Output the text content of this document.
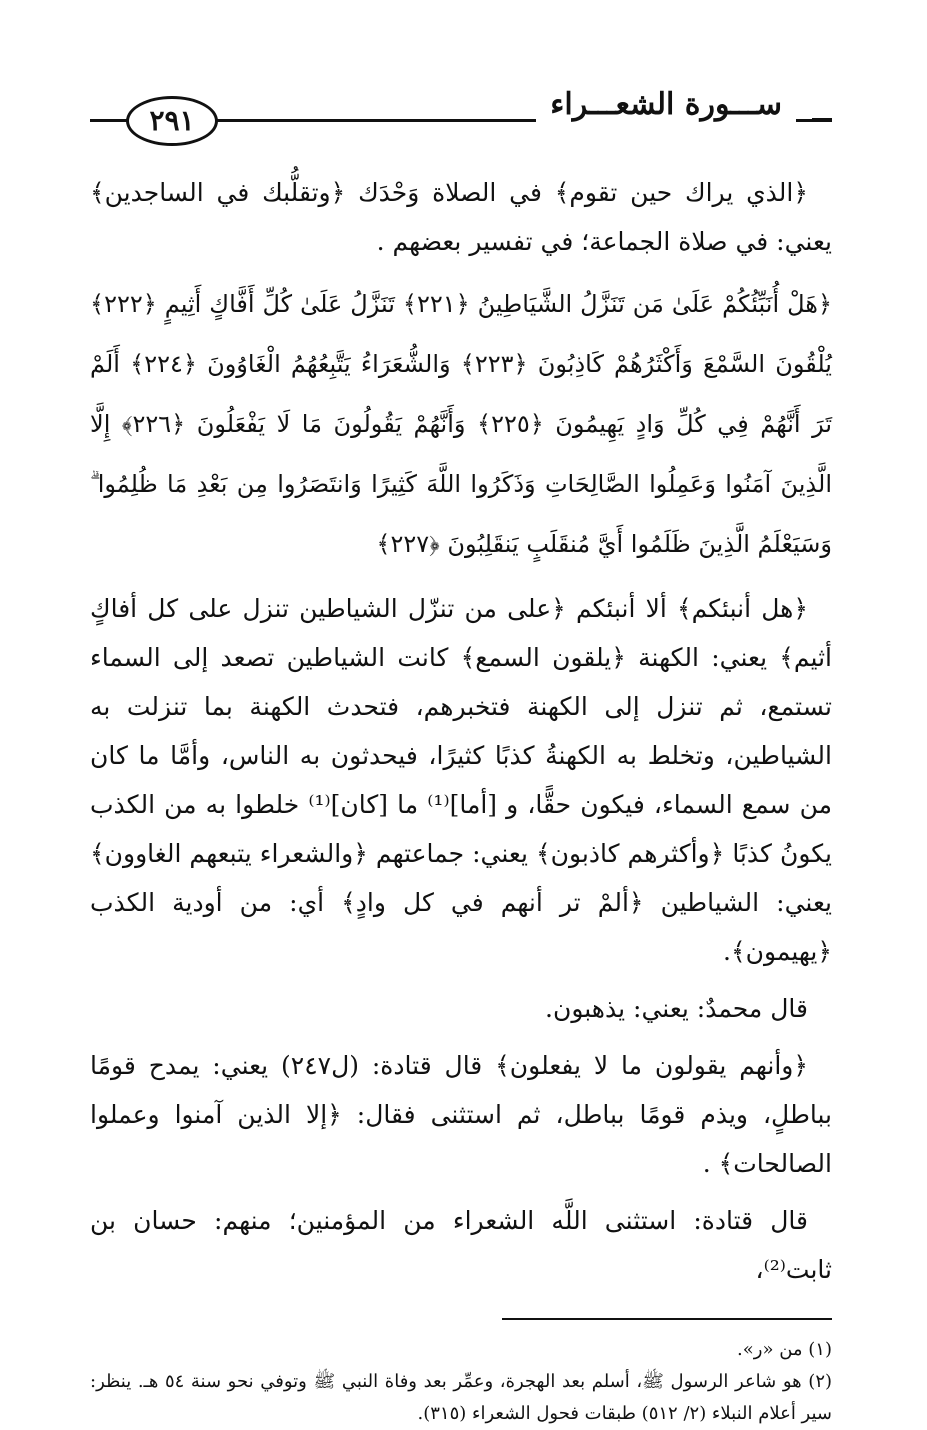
ســـورة الشعـــراء
٢٩١

﴿الذي يراك حين تقوم﴾ في الصلاة وَحْدَك ﴿وتقلُّبك في الساجدين﴾ يعني: في صلاة الجماعة؛ في تفسير بعضهم .

﴿هَلْ أُنَبِّئُكُمْ عَلَىٰ مَن تَنَزَّلُ الشَّيَاطِينُ ﴿٢٢١﴾ تَنَزَّلُ عَلَىٰ كُلِّ أَفَّاكٍ أَثِيمٍ ﴿٢٢٢﴾ يُلْقُونَ السَّمْعَ وَأَكْثَرُهُمْ كَاذِبُونَ ﴿٢٢٣﴾ وَالشُّعَرَاءُ يَتَّبِعُهُمُ الْغَاوُونَ ﴿٢٢٤﴾ أَلَمْ تَرَ أَنَّهُمْ فِي كُلِّ وَادٍ يَهِيمُونَ ﴿٢٢٥﴾ وَأَنَّهُمْ يَقُولُونَ مَا لَا يَفْعَلُونَ ﴿٢٢٦﴾ إِلَّا الَّذِينَ آمَنُوا وَعَمِلُوا الصَّالِحَاتِ وَذَكَرُوا اللَّهَ كَثِيرًا وَانتَصَرُوا مِن بَعْدِ مَا ظُلِمُوا ۗ وَسَيَعْلَمُ الَّذِينَ ظَلَمُوا أَيَّ مُنقَلَبٍ يَنقَلِبُونَ ﴿٢٢٧﴾

﴿هل أنبئكم﴾ ألا أنبئكم ﴿على من تنزّل الشياطين تنزل على كل أفاكٍ أثيم﴾ يعني: الكهنة ﴿يلقون السمع﴾ كانت الشياطين تصعد إلى السماء تستمع، ثم تنزل إلى الكهنة فتخبرهم، فتحدث الكهنة بما تنزلت به الشياطين، وتخلط به الكهنةُ كذبًا كثيرًا، فيحدثون به الناس، وأمَّا ما كان من سمع السماء، فيكون حقًّا، و [أما]⁽¹⁾ ما [كان]⁽¹⁾ خلطوا به من الكذب يكونُ كذبًا ﴿وأكثرهم كاذبون﴾ يعني: جماعتهم ﴿والشعراء يتبعهم الغاوون﴾ يعني: الشياطين ﴿ألمْ تر أنهم في كل وادٍ﴾ أي: من أودية الكذب ﴿يهيمون﴾.

قال محمدٌ: يعني: يذهبون.

﴿وأنهم يقولون ما لا يفعلون﴾ قال قتادة: (ل٢٤٧) يعني: يمدح قومًا بباطلٍ، ويذم قومًا بباطل، ثم استثنى فقال: ﴿إلا الذين آمنوا وعملوا الصالحات﴾ .

قال قتادة: استثنى اللَّه الشعراء من المؤمنين؛ منهم: حسان بن ثابت⁽²⁾،

(١) من «ر».

(٢) هو شاعر الرسول ﷺ، أسلم بعد الهجرة، وعمِّر بعد وفاة النبي ﷺ وتوفي نحو سنة ٥٤ هـ. ينظر: سير أعلام النبلاء (٢/ ٥١٢) طبقات فحول الشعراء (٣١٥).
